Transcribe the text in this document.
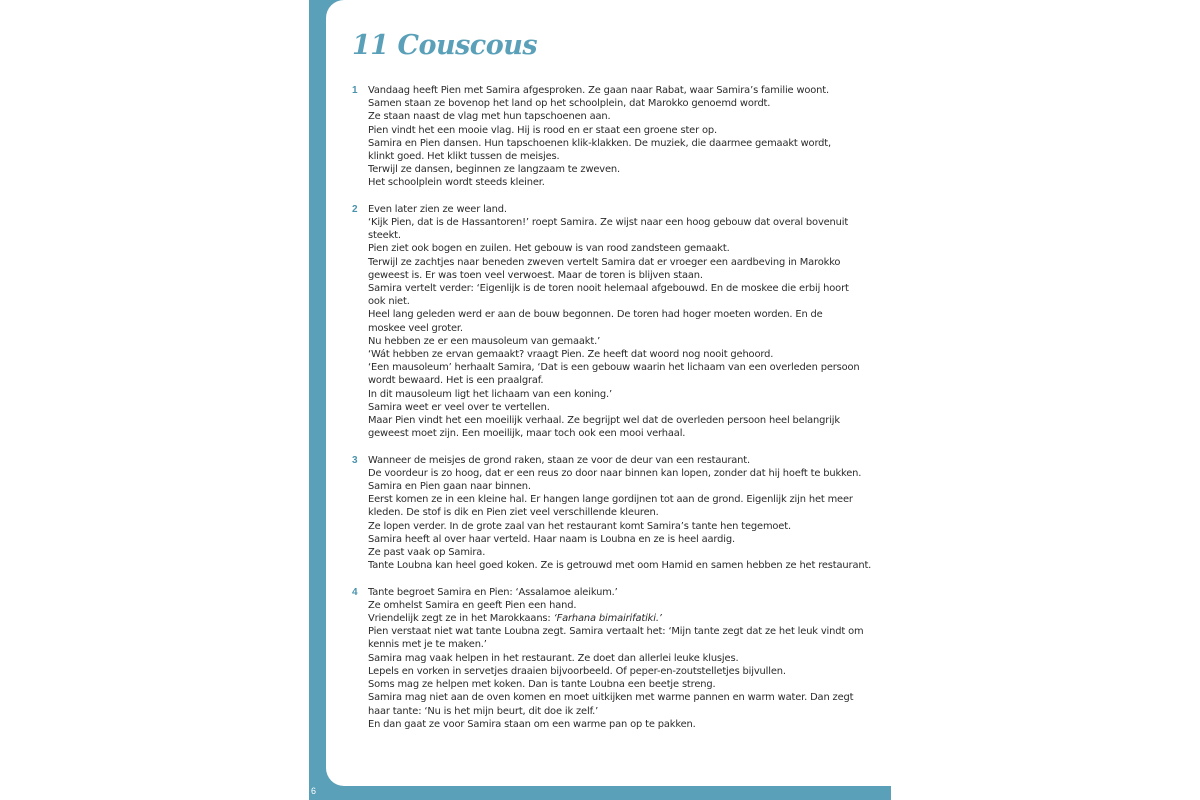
6
11 Couscous
1 Vandaag heeft Pien met Samira afgesproken. Ze gaan naar Rabat, waar Samira’s familie woont.
Samen staan ze bovenop het land op het schoolplein, dat Marokko genoemd wordt.
Ze staan naast de vlag met hun tapschoenen aan.
Pien vindt het een mooie vlag. Hij is rood en er staat een groene ster op.
Samira en Pien dansen. Hun tapschoenen klik-klakken. De muziek, die daarmee gemaakt wordt,
klinkt goed. Het klikt tussen de meisjes.
Terwijl ze dansen, beginnen ze langzaam te zweven.
Het schoolplein wordt steeds kleiner.
2 Even later zien ze weer land.
‘Kijk Pien, dat is de Hassantoren!’ roept Samira. Ze wijst naar een hoog gebouw dat overal bovenuit
steekt.
Pien ziet ook bogen en zuilen. Het gebouw is van rood zandsteen gemaakt.
Terwijl ze zachtjes naar beneden zweven vertelt Samira dat er vroeger een aardbeving in Marokko
geweest is. Er was toen veel verwoest. Maar de toren is blijven staan.
Samira vertelt verder: ‘Eigenlijk is de toren nooit helemaal afgebouwd. En de moskee die erbij hoort
ook niet.
Heel lang geleden werd er aan de bouw begonnen. De toren had hoger moeten worden. En de
moskee veel groter.
Nu hebben ze er een mausoleum van gemaakt.’
‘Wát hebben ze ervan gemaakt? vraagt Pien. Ze heeft dat woord nog nooit gehoord.
‘Een mausoleum’ herhaalt Samira, ‘Dat is een gebouw waarin het lichaam van een overleden persoon
wordt bewaard. Het is een praalgraf.
In dit mausoleum ligt het lichaam van een koning.’
Samira weet er veel over te vertellen.
Maar Pien vindt het een moeilijk verhaal. Ze begrijpt wel dat de overleden persoon heel belangrijk
geweest moet zijn. Een moeilijk, maar toch ook een mooi verhaal.
3 Wanneer de meisjes de grond raken, staan ze voor de deur van een restaurant.
De voordeur is zo hoog, dat er een reus zo door naar binnen kan lopen, zonder dat hij hoeft te bukken.
Samira en Pien gaan naar binnen.
Eerst komen ze in een kleine hal. Er hangen lange gordijnen tot aan de grond. Eigenlijk zijn het meer
kleden. De stof is dik en Pien ziet veel verschillende kleuren.
Ze lopen verder. In de grote zaal van het restaurant komt Samira’s tante hen tegemoet.
Samira heeft al over haar verteld. Haar naam is Loubna en ze is heel aardig.
Ze past vaak op Samira.
Tante Loubna kan heel goed koken. Ze is getrouwd met oom Hamid en samen hebben ze het restaurant.
4 Tante begroet Samira en Pien: ‘Assalamoe aleikum.’
Ze omhelst Samira en geeft Pien een hand.
Vriendelijk zegt ze in het Marokkaans: ‘Farhana bimairifatiki.’
Pien verstaat niet wat tante Loubna zegt. Samira vertaalt het: ‘Mijn tante zegt dat ze het leuk vindt om
kennis met je te maken.’
Samira mag vaak helpen in het restaurant. Ze doet dan allerlei leuke klusjes.
Lepels en vorken in servetjes draaien bijvoorbeeld. Of peper-en-zoutstelletjes bijvullen.
Soms mag ze helpen met koken. Dan is tante Loubna een beetje streng.
Samira mag niet aan de oven komen en moet uitkijken met warme pannen en warm water. Dan zegt
haar tante: ‘Nu is het mijn beurt, dit doe ik zelf.’
En dan gaat ze voor Samira staan om een warme pan op te pakken.
